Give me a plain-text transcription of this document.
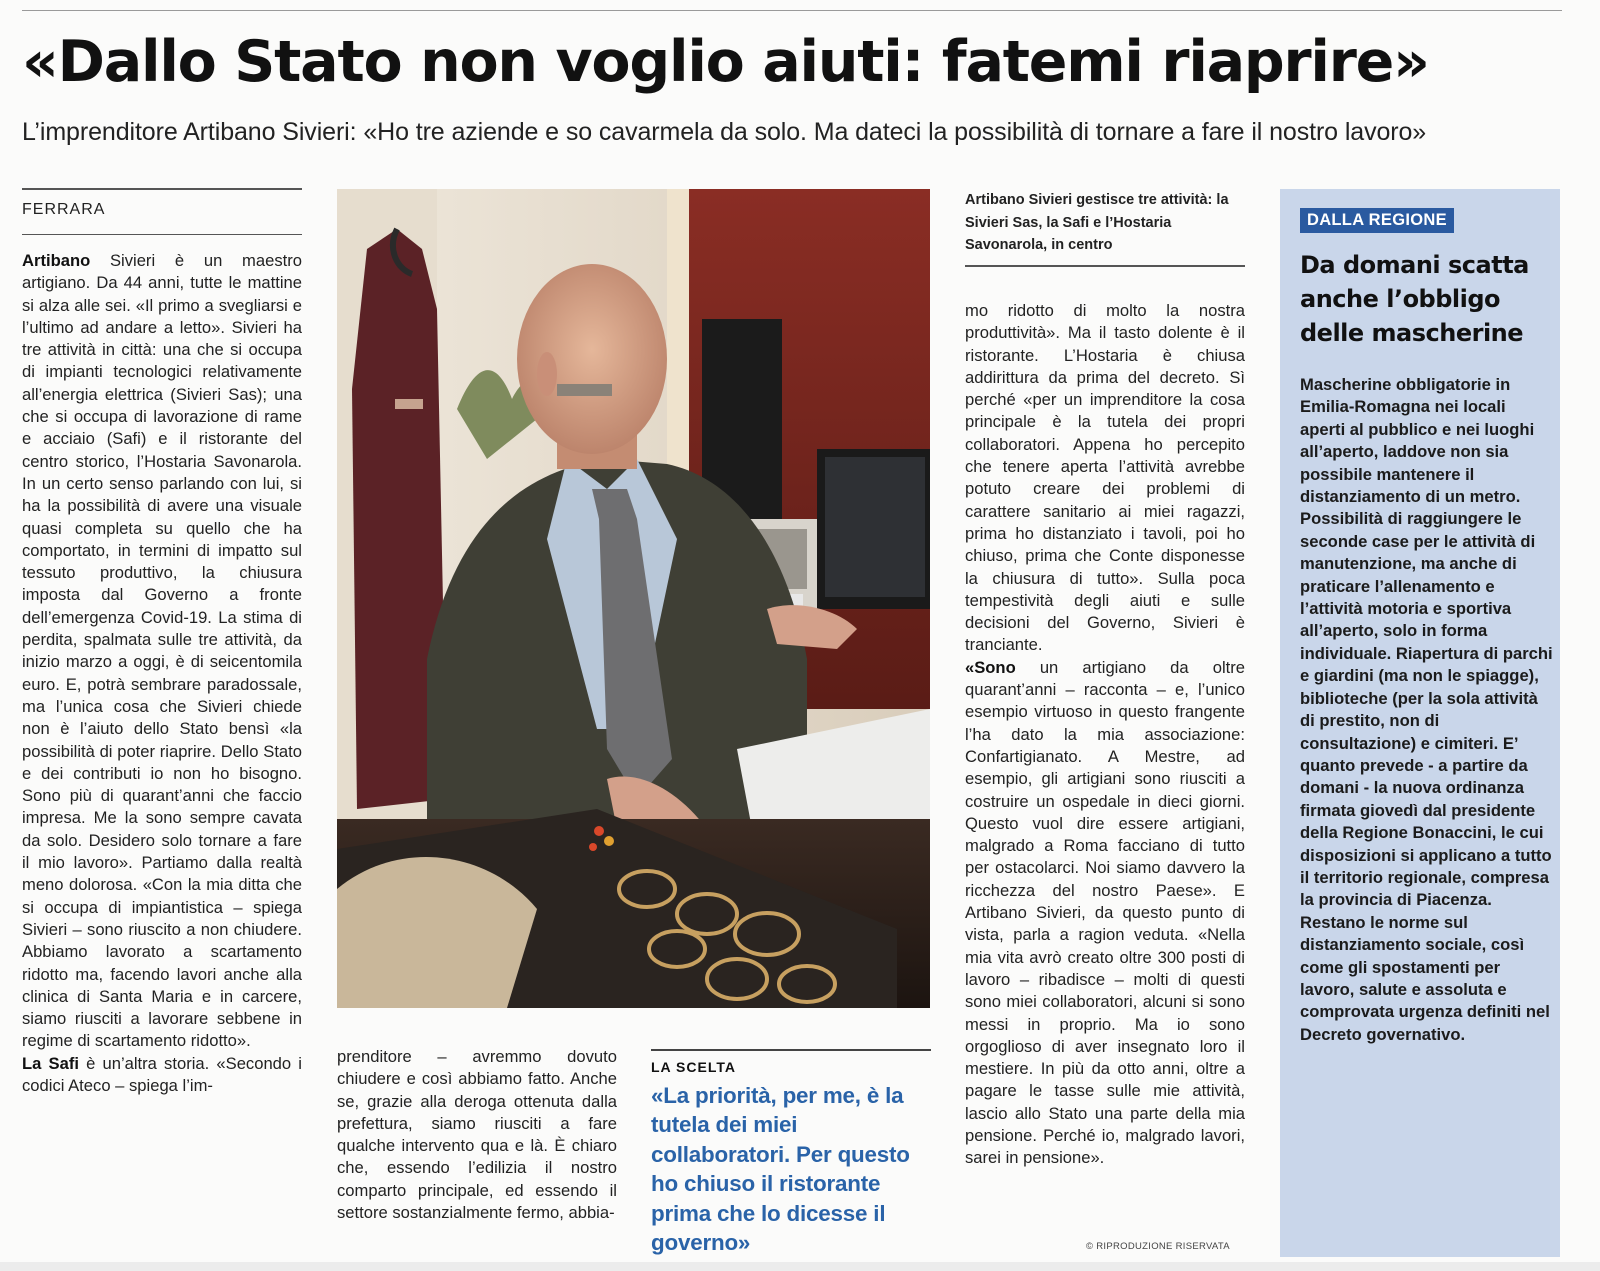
«Dallo Stato non voglio aiuti: fatemi riaprire»
L’imprenditore Artibano Sivieri: «Ho tre aziende e so cavarmela da solo. Ma dateci la possibilità di tornare a fare il nostro lavoro»
FERRARA

Artibano Sivieri è un maestro artigiano. Da 44 anni, tutte le mattine si alza alle sei. «Il primo a svegliarsi e l’ultimo ad andare a letto». Sivieri ha tre attività in città: una che si occupa di impianti tecnologici relativamente all’energia elettrica (Sivieri Sas); una che si occupa di lavorazione di rame e acciaio (Safi) e il ristorante del centro storico, l’Hostaria Savonarola. In un certo senso parlando con lui, si ha la possibilità di avere una visuale quasi completa su quello che ha comportato, in termini di impatto sul tessuto produttivo, la chiusura imposta dal Governo a fronte dell’emergenza Covid-19. La stima di perdita, spalmata sulle tre attività, da inizio marzo a oggi, è di seicentomila euro. E, potrà sembrare paradossale, ma l’unica cosa che Sivieri chiede non è l’aiuto dello Stato bensì «la possibilità di poter riaprire. Dello Stato e dei contributi io non ho bisogno. Sono più di quarant’anni che faccio impresa. Me la sono sempre cavata da solo. Desidero solo tornare a fare il mio lavoro». Partiamo dalla realtà meno dolorosa. «Con la mia ditta che si occupa di impiantistica – spiega Sivieri – sono riuscito a non chiudere. Abbiamo lavorato a scartamento ridotto ma, facendo lavori anche alla clinica di Santa Maria e in carcere, siamo riusciti a lavorare sebbene in regime di scartamento ridotto».

La Safi è un’altra storia. «Secondo i codici Ateco – spiega l’im-

Artibano Sivieri gestisce tre attività: la Sivieri Sas, la Safi e l’Hostaria Savonarola, in centro

prenditore – avremmo dovuto chiudere e così abbiamo fatto. Anche se, grazie alla deroga ottenuta dalla prefettura, siamo riusciti a fare qualche intervento qua e là. È chiaro che, essendo l’edilizia il nostro comparto principale, ed essendo il settore sostanzialmente fermo, abbia-

LA SCELTA
«La priorità, per me, è la tutela dei miei collaboratori. Per questo ho chiuso il ristorante prima che lo dicesse il governo»

mo ridotto di molto la nostra produttività». Ma il tasto dolente è il ristorante. L’Hostaria è chiusa addirittura da prima del decreto. Sì perché «per un imprenditore la cosa principale è la tutela dei propri collaboratori. Appena ho percepito che tenere aperta l’attività avrebbe potuto creare dei problemi di carattere sanitario ai miei ragazzi, prima ho distanziato i tavoli, poi ho chiuso, prima che Conte disponesse la chiusura di tutto». Sulla poca tempestività degli aiuti e sulle decisioni del Governo, Sivieri è tranciante.

«Sono un artigiano da oltre quarant’anni – racconta – e, l’unico esempio virtuoso in questo frangente l’ha dato la mia associazione: Confartigianato. A Mestre, ad esempio, gli artigiani sono riusciti a costruire un ospedale in dieci giorni. Questo vuol dire essere artigiani, malgrado a Roma facciano di tutto per ostacolarci. Noi siamo davvero la ricchezza del nostro Paese». E Artibano Sivieri, da questo punto di vista, parla a ragion veduta. «Nella mia vita avrò creato oltre 300 posti di lavoro – ribadisce – molti di questi sono miei collaboratori, alcuni si sono messi in proprio. Ma io sono orgoglioso di aver insegnato loro il mestiere. In più da otto anni, oltre a pagare le tasse sulle mie attività, lascio allo Stato una parte della mia pensione. Perché io, malgrado lavori, sarei in pensione».

© RIPRODUZIONE RISERVATA
DALLA REGIONE
Da domani scatta anche l’obbligo delle mascherine

Mascherine obbligatorie in Emilia-Romagna nei locali aperti al pubblico e nei luoghi all’aperto, laddove non sia possibile mantenere il distanziamento di un metro. Possibilità di raggiungere le seconde case per le attività di manutenzione, ma anche di praticare l’allenamento e l’attività motoria e sportiva all’aperto, solo in forma individuale. Riapertura di parchi e giardini (ma non le spiagge), biblioteche (per la sola attività di prestito, non di consultazione) e cimiteri. E’ quanto prevede - a partire da domani - la nuova ordinanza firmata giovedì dal presidente della Regione Bonaccini, le cui disposizioni si applicano a tutto il territorio regionale, compresa la provincia di Piacenza. Restano le norme sul distanziamento sociale, così come gli spostamenti per lavoro, salute e assoluta e comprovata urgenza definiti nel Decreto governativo.
